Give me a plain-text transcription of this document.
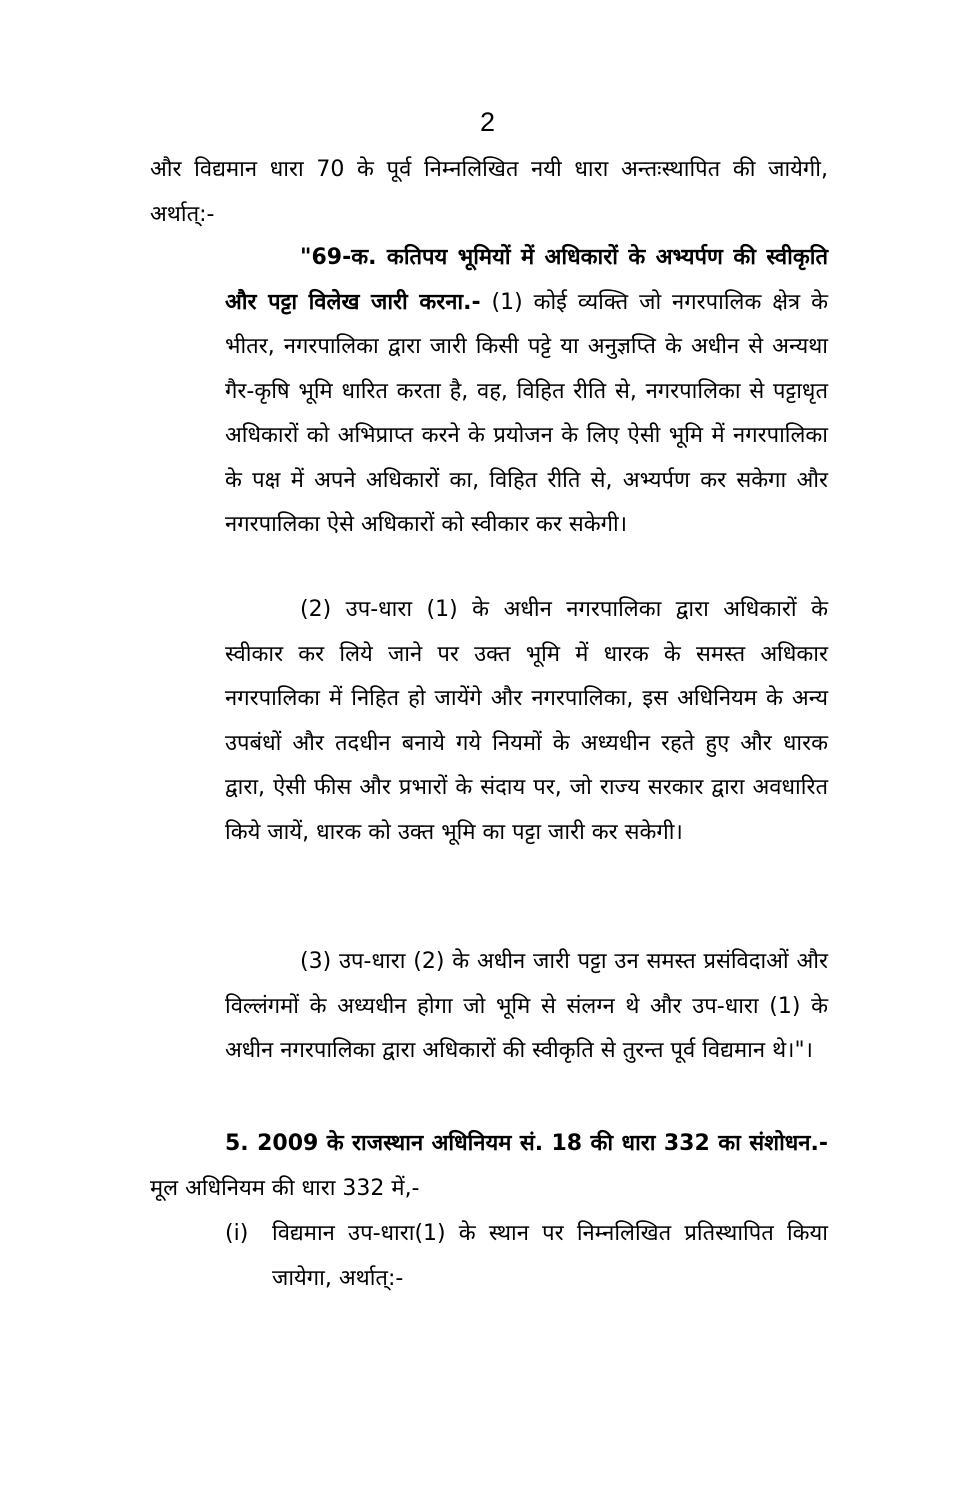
2
और विद्यमान धारा 70 के पूर्व निम्नलिखित नयी धारा अन्तःस्थापित की जायेगी, अर्थात्:-
"69-क. कतिपय भूमियों में अधिकारों के अभ्यर्पण की स्वीकृति और पट्टा विलेख जारी करना.- (1) कोई व्यक्ति जो नगरपालिक क्षेत्र के भीतर, नगरपालिका द्वारा जारी किसी पट्टे या अनुज्ञप्ति के अधीन से अन्यथा गैर-कृषि भूमि धारित करता है, वह, विहित रीति से, नगरपालिका से पट्टाधृत अधिकारों को अभिप्राप्त करने के प्रयोजन के लिए ऐसी भूमि में नगरपालिका के पक्ष में अपने अधिकारों का, विहित रीति से, अभ्यर्पण कर सकेगा और नगरपालिका ऐसे अधिकारों को स्वीकार कर सकेगी।
(2) उप-धारा (1) के अधीन नगरपालिका द्वारा अधिकारों के स्वीकार कर लिये जाने पर उक्त भूमि में धारक के समस्त अधिकार नगरपालिका में निहित हो जायेंगे और नगरपालिका, इस अधिनियम के अन्य उपबंधों और तदधीन बनाये गये नियमों के अध्यधीन रहते हुए और धारक द्वारा, ऐसी फीस और प्रभारों के संदाय पर, जो राज्य सरकार द्वारा अवधारित किये जायें, धारक को उक्त भूमि का पट्टा जारी कर सकेगी।
(3) उप-धारा (2) के अधीन जारी पट्टा उन समस्त प्रसंविदाओं और विल्लंगमों के अध्यधीन होगा जो भूमि से संलग्न थे और उप-धारा (1) के अधीन नगरपालिका द्वारा अधिकारों की स्वीकृति से तुरन्त पूर्व विद्यमान थे।"।
5. 2009 के राजस्थान अधिनियम सं. 18 की धारा 332 का संशोधन.- मूल अधिनियम की धारा 332 में,-
(i) विद्यमान उप-धारा(1) के स्थान पर निम्नलिखित प्रतिस्थापित किया जायेगा, अर्थात्:-
